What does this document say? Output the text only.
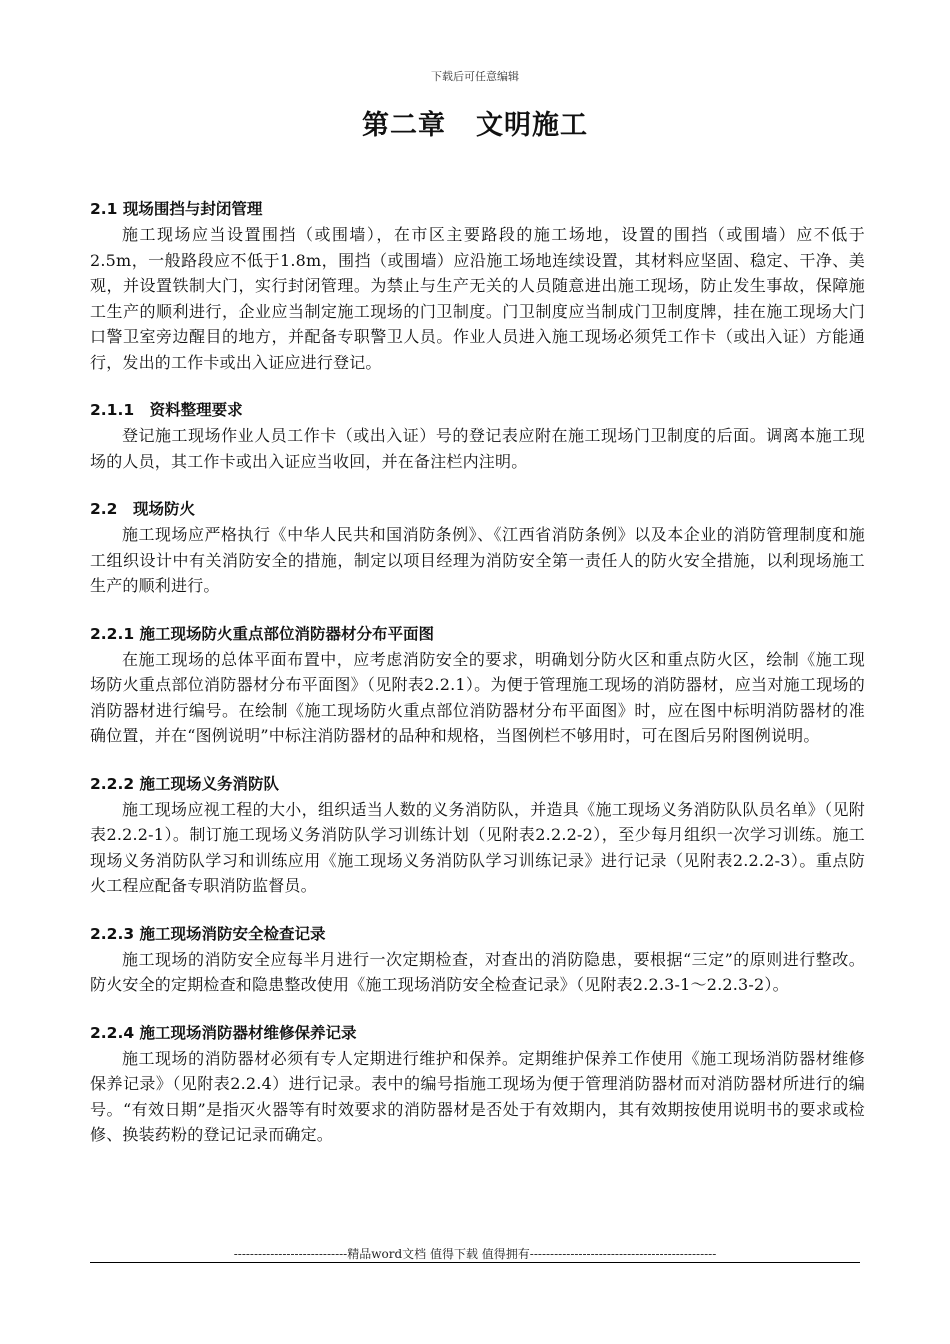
下载后可任意编辑
第二章 文明施工

2.1 现场围挡与封闭管理

施工现场应当设置围挡（或围墙），在市区主要路段的施工场地，设置的围挡（或围墙）应不低于2.5m，一般路段应不低于1.8m，围挡（或围墙）应沿施工场地连续设置，其材料应坚固、稳定、干净、美观，并设置铁制大门，实行封闭管理。为禁止与生产无关的人员随意进出施工现场，防止发生事故，保障施工生产的顺利进行，企业应当制定施工现场的门卫制度。门卫制度应当制成门卫制度牌，挂在施工现场大门口警卫室旁边醒目的地方，并配备专职警卫人员。作业人员进入施工现场必须凭工作卡（或出入证）方能通行，发出的工作卡或出入证应进行登记。

2.1.1　资料整理要求

登记施工现场作业人员工作卡（或出入证）号的登记表应附在施工现场门卫制度的后面。调离本施工现场的人员，其工作卡或出入证应当收回，并在备注栏内注明。

2.2　现场防火

施工现场应严格执行《中华人民共和国消防条例》、《江西省消防条例》以及本企业的消防管理制度和施工组织设计中有关消防安全的措施，制定以项目经理为消防安全第一责任人的防火安全措施，以利现场施工生产的顺利进行。

2.2.1 施工现场防火重点部位消防器材分布平面图

在施工现场的总体平面布置中，应考虑消防安全的要求，明确划分防火区和重点防火区，绘制《施工现场防火重点部位消防器材分布平面图》（见附表2.2.1）。为便于管理施工现场的消防器材，应当对施工现场的消防器材进行编号。在绘制《施工现场防火重点部位消防器材分布平面图》时，应在图中标明消防器材的准确位置，并在“图例说明”中标注消防器材的品种和规格，当图例栏不够用时，可在图后另附图例说明。

2.2.2 施工现场义务消防队

施工现场应视工程的大小，组织适当人数的义务消防队，并造具《施工现场义务消防队队员名单》（见附表2.2.2-1）。制订施工现场义务消防队学习训练计划（见附表2.2.2-2），至少每月组织一次学习训练。施工现场义务消防队学习和训练应用《施工现场义务消防队学习训练记录》进行记录（见附表2.2.2-3）。重点防火工程应配备专职消防监督员。

2.2.3 施工现场消防安全检查记录

施工现场的消防安全应每半月进行一次定期检查，对查出的消防隐患，要根据“三定”的原则进行整改。防火安全的定期检查和隐患整改使用《施工现场消防安全检查记录》（见附表2.2.3-1～2.2.3-2）。

2.2.4 施工现场消防器材维修保养记录

施工现场的消防器材必须有专人定期进行维护和保养。定期维护保养工作使用《施工现场消防器材维修保养记录》（见附表2.2.4）进行记录。表中的编号指施工现场为便于管理消防器材而对消防器材所进行的编号。“有效日期”是指灭火器等有时效要求的消防器材是否处于有效期内，其有效期按使用说明书的要求或检修、换装药粉的登记记录而确定。

----------------------------精品word文档 值得下载 值得拥有----------------------------------------------
